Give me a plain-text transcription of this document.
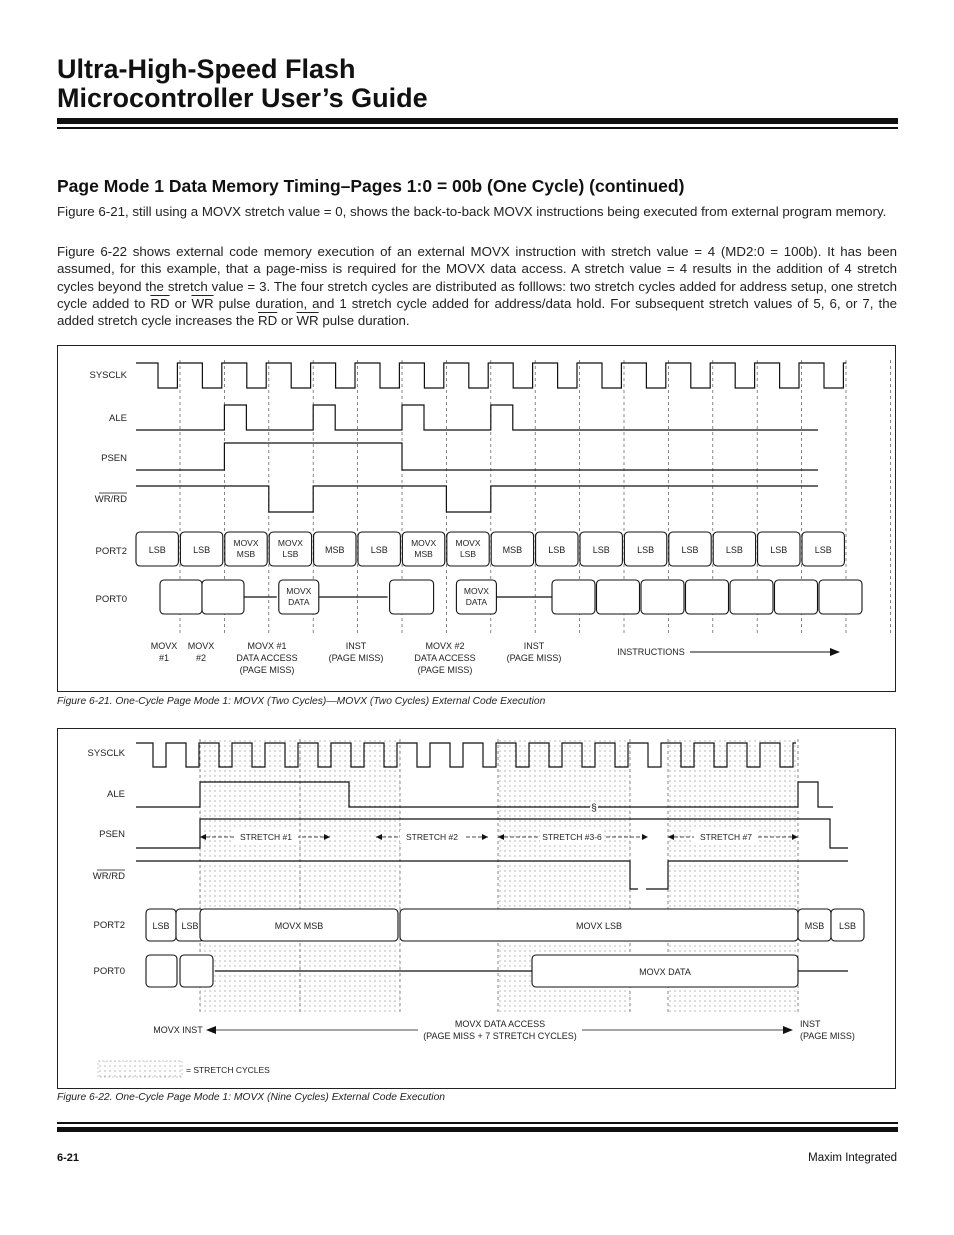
Ultra-High-Speed Flash
Microcontroller User’s Guide
Page Mode 1 Data Memory Timing–Pages 1:0 = 00b (One Cycle) (continued)

Figure 6-21, still using a MOVX stretch value = 0, shows the back-to-back MOVX instructions being executed from external program memory.

Figure 6-22 shows external code memory execution of an external MOVX instruction with stretch value = 4 (MD2:0 = 100b). It has been assumed, for this example, that a page-miss is required for the MOVX data access. A stretch value = 4 results in the addition of 4 stretch cycles beyond the stretch value = 3. The four stretch cycles are distributed as folllows: two stretch cycles added for address setup, one stretch cycle added to $\overline{RD}$ or $\overline{WR}$ pulse duration, and 1 stretch cycle added for address/data hold. For subsequent stretch values of 5, 6, or 7, the added stretch cycle increases the $\overline{RD}$ or $\overline{WR}$ pulse duration.

SYSCLK
ALE
PSEN
WR/RD
PORT2
PORT0
LSB	LSB
MOVX
MSB
MOVX
LSB	MSB	LSB
MOVX
MSB
MOVX
LSB	MSB	LSB	LSB	LSB	LSB	LSB	LSB	LSB
MOVX
DATA
MOVX
DATA
MOVX
#1
MOVX
#2
MOVX #1
DATA ACCESS
(PAGE MISS)
INST
(PAGE MISS)
MOVX #2
DATA ACCESS
(PAGE MISS)
INST
(PAGE MISS)
INSTRUCTIONS

Figure 6-21. One-Cycle Page Mode 1: MOVX (Two Cycles)—MOVX (Two Cycles) External Code Execution

SYSCLK
ALE
PSEN
WR/RD
PORT2
PORT0
§
STRETCH #1	STRETCH #2	STRETCH #3-6	STRETCH #7
LSB LSB	MOVX MSB	MOVX LSB	MSB LSB
MOVX DATA
MOVX INST
MOVX DATA ACCESS
(PAGE MISS + 7 STRETCH CYCLES)
INST
(PAGE MISS)
= STRETCH CYCLES

Figure 6-22. One-Cycle Page Mode 1: MOVX (Nine Cycles) External Code Execution

6-21	Maxim Integrated
